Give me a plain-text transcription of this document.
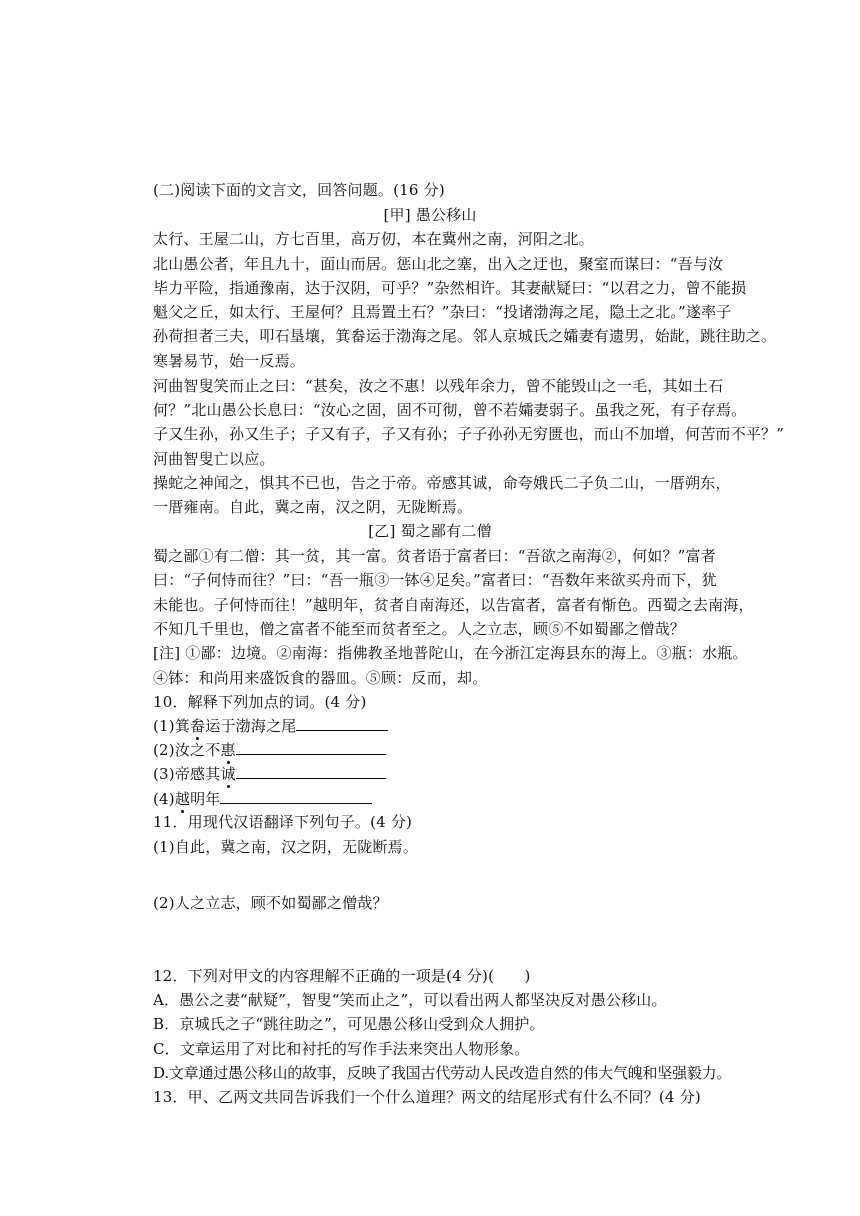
(二)阅读下面的文言文，回答问题。(16 分)
[甲] 愚公移山
太行、王屋二山，方七百里，高万仞，本在冀州之南，河阳之北。
北山愚公者，年且九十，面山而居。惩山北之塞，出入之迂也，聚室而谋曰：“吾与汝
毕力平险，指通豫南，达于汉阴，可乎？”杂然相许。其妻献疑曰：“以君之力，曾不能损
魁父之丘，如太行、王屋何？且焉置土石？”杂曰：“投诸渤海之尾，隐土之北。”遂率子
孙荷担者三夫，叩石垦壤，箕畚运于渤海之尾。邻人京城氏之孀妻有遗男，始龀，跳往助之。
寒暑易节，始一反焉。
河曲智叟笑而止之曰：“甚矣，汝之不惠！以残年余力，曾不能毁山之一毛，其如土石
何？”北山愚公长息曰：“汝心之固，固不可彻，曾不若孀妻弱子。虽我之死，有子存焉。
子又生孙，孙又生子；子又有子，子又有孙；子子孙孙无穷匮也，而山不加增，何苦而不平？”
河曲智叟亡以应。
操蛇之神闻之，惧其不已也，告之于帝。帝感其诚，命夸娥氏二子负二山，一厝朔东，
一厝雍南。自此，冀之南，汉之阴，无陇断焉。
[乙] 蜀之鄙有二僧
蜀之鄙①有二僧：其一贫，其一富。贫者语于富者曰：“吾欲之南海②，何如？”富者
曰：“子何恃而往？”曰：“吾一瓶③一钵④足矣。”富者曰：“吾数年来欲买舟而下，犹
未能也。子何恃而往！”越明年，贫者自南海还，以告富者，富者有惭色。西蜀之去南海，
不知几千里也，僧之富者不能至而贫者至之。人之立志，顾⑤不如蜀鄙之僧哉？
[注] ①鄙：边境。②南海：指佛教圣地普陀山，在今浙江定海县东的海上。③瓶：水瓶。
④钵：和尚用来盛饭食的器皿。⑤顾：反而，却。
10．解释下列加点的词。(4 分)
(1)箕畚运于渤海之尾
(2)汝之不惠
(3)帝感其诚
(4)越明年
11．用现代汉语翻译下列句子。(4 分)
(1)自此，冀之南，汉之阴，无陇断焉。
(2)人之立志，顾不如蜀鄙之僧哉？
12．下列对甲文的内容理解不正确的一项是(4 分)(　　)
A．愚公之妻“献疑”，智叟“笑而止之”，可以看出两人都坚决反对愚公移山。
B．京城氏之子“跳往助之”，可见愚公移山受到众人拥护。
C．文章运用了对比和衬托的写作手法来突出人物形象。
D.文章通过愚公移山的故事，反映了我国古代劳动人民改造自然的伟大气魄和坚强毅力。
13．甲、乙两文共同告诉我们一个什么道理？两文的结尾形式有什么不同？(4 分)
